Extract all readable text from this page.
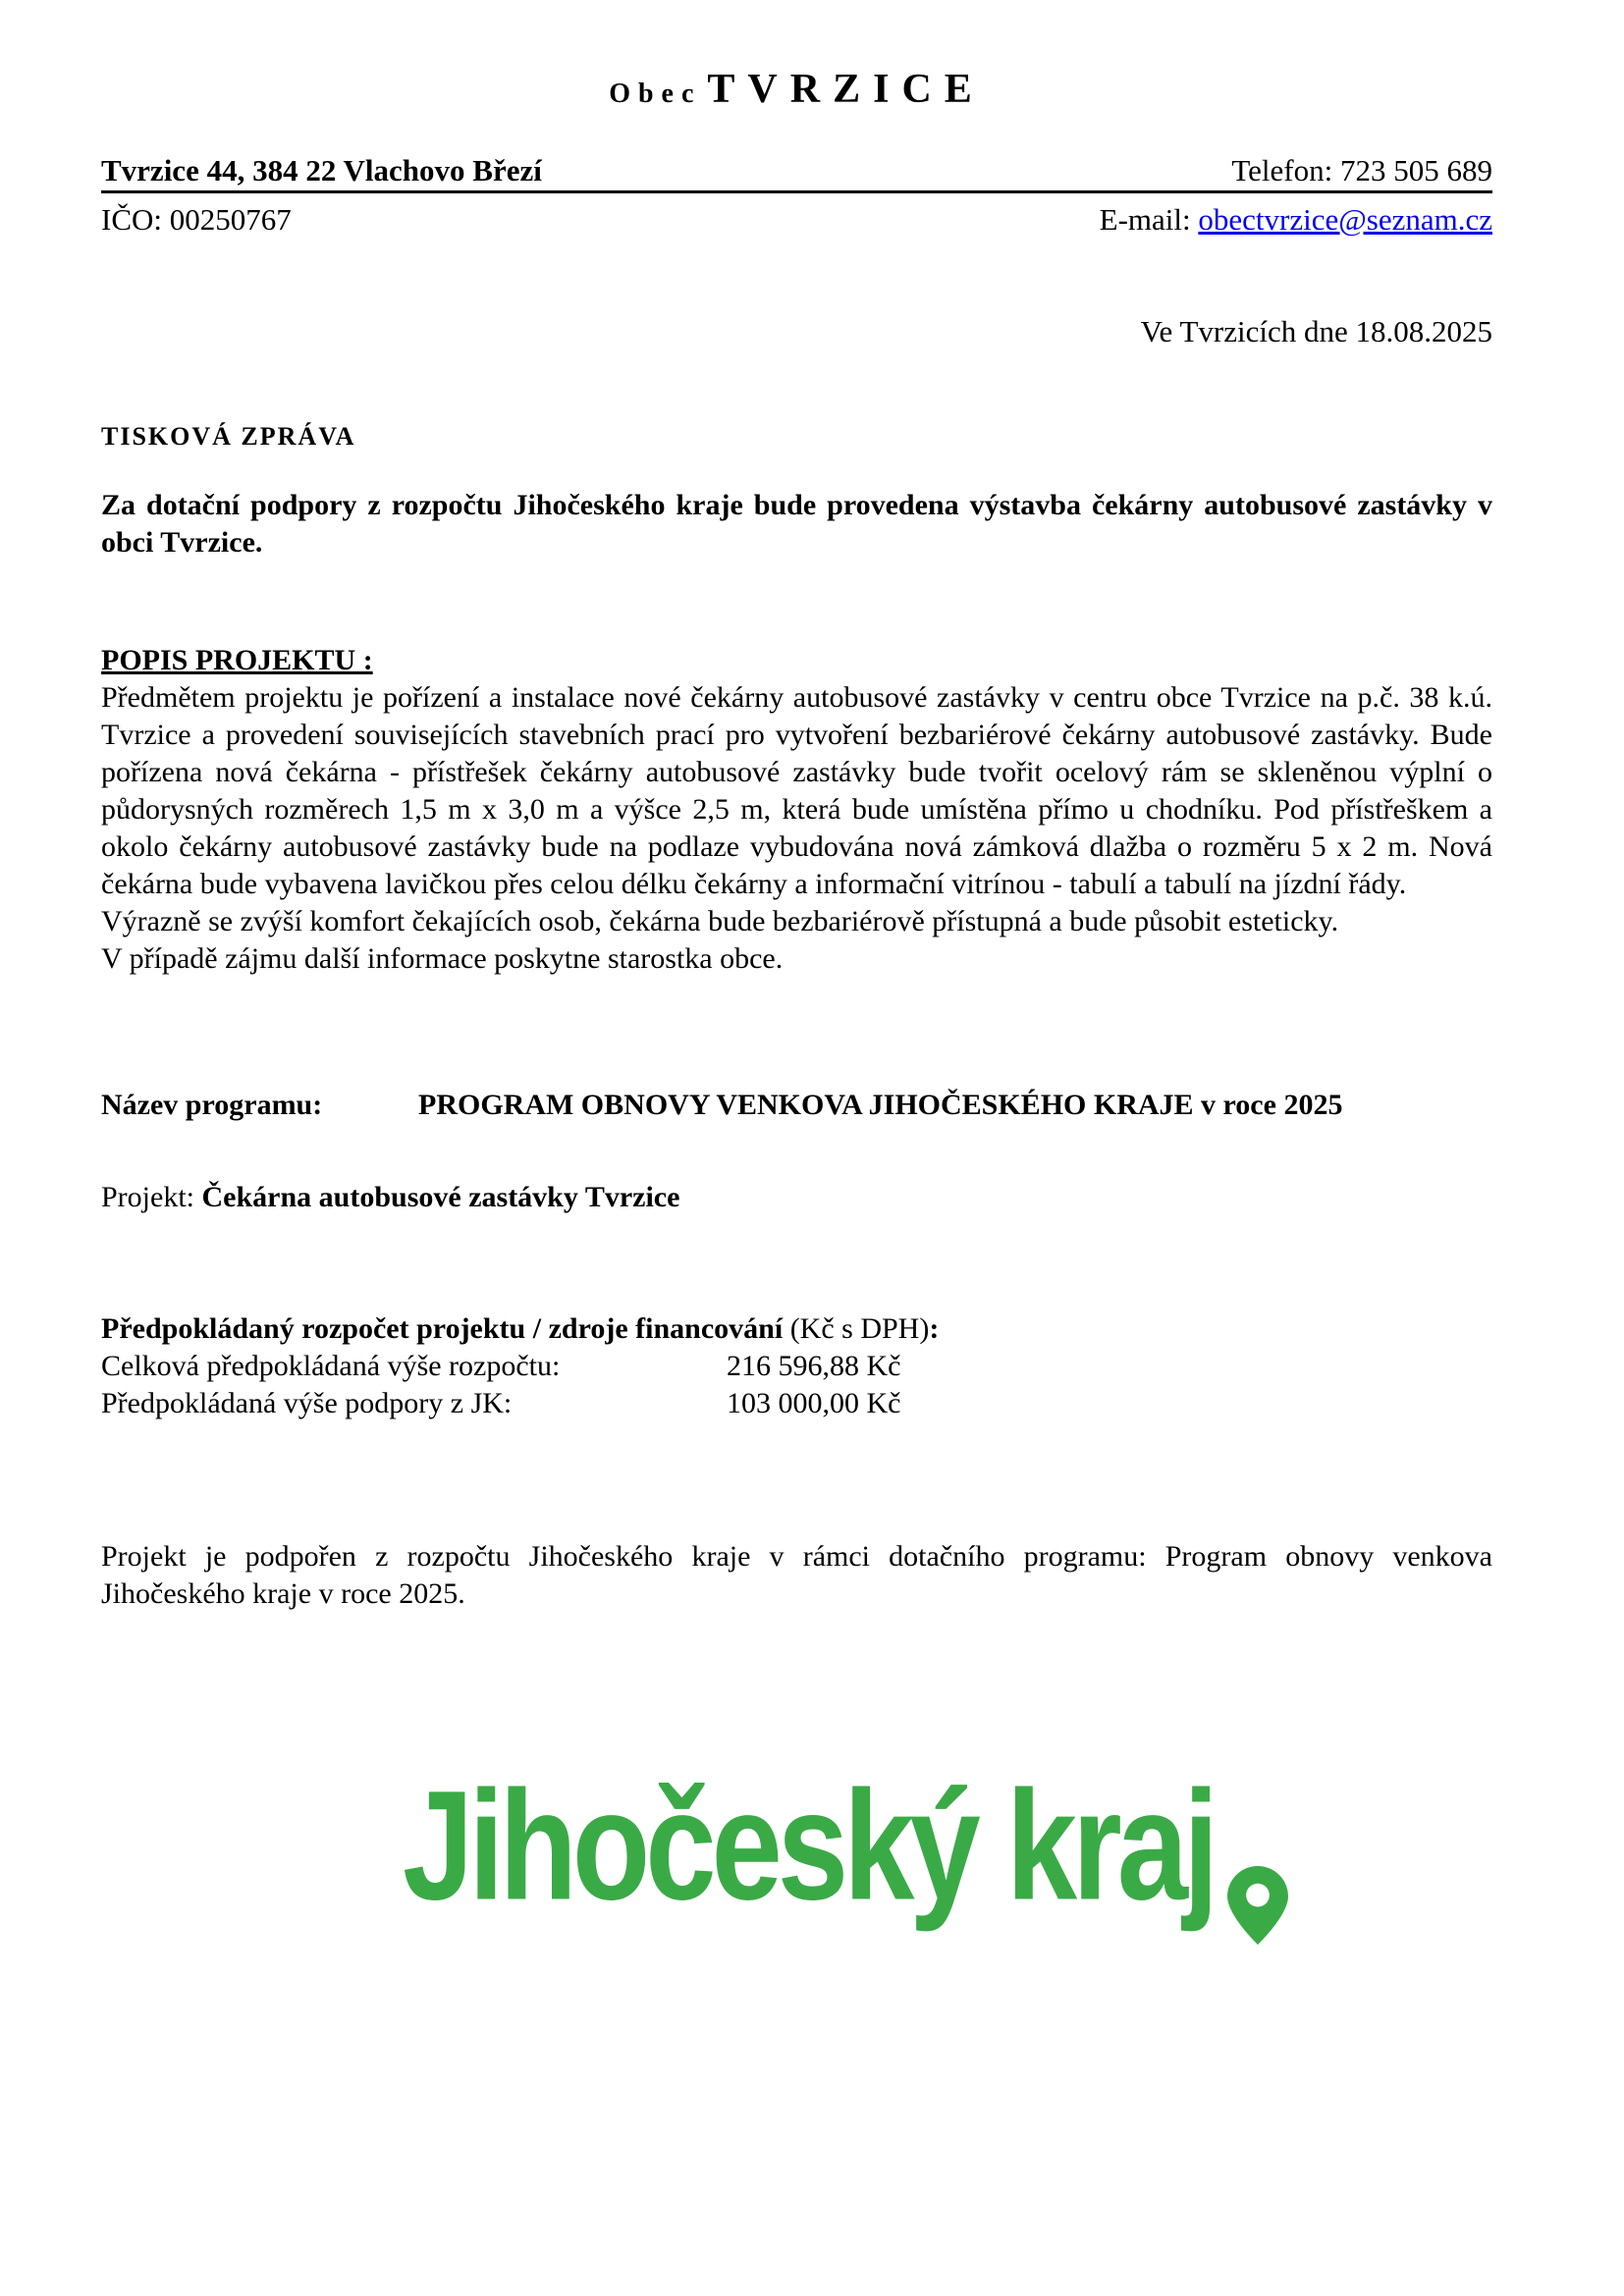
Obec TVRZICE
Tvrzice 44, 384 22 Vlachovo Březí	Telefon: 723 505 689
IČO: 00250767	E-mail: obectvrzice@seznam.cz
Ve Tvrzicích dne 18.08.2025
TISKOVÁ ZPRÁVA
Za dotační podpory z rozpočtu Jihočeského kraje bude provedena výstavba čekárny autobusové zastávky v obci Tvrzice.
POPIS PROJEKTU :

Předmětem projektu je pořízení a instalace nové čekárny autobusové zastávky v centru obce Tvrzice na p.č. 38 k.ú. Tvrzice a provedení souvisejících stavebních prací pro vytvoření bezbariérové čekárny autobusové zastávky. Bude pořízena nová čekárna - přístřešek čekárny autobusové zastávky bude tvořit ocelový rám se skleněnou výplní o půdorysných rozměrech 1,5 m x 3,0 m a výšce 2,5 m, která bude umístěna přímo u chodníku. Pod přístřeškem a okolo čekárny autobusové zastávky bude na podlaze vybudována nová zámková dlažba o rozměru 5 x 2 m. Nová čekárna bude vybavena lavičkou přes celou délku čekárny a informační vitrínou - tabulí a tabulí na jízdní řády.

Výrazně se zvýší komfort čekajících osob, čekárna bude bezbariérově přístupná a bude působit esteticky.

V případě zájmu další informace poskytne starostka obce.

Název programu:	PROGRAM OBNOVY VENKOVA JIHOČESKÉHO KRAJE v roce 2025
Projekt: Čekárna autobusové zastávky Tvrzice
Předpokládaný rozpočet projektu / zdroje financování (Kč s DPH):
Celková předpokládaná výše rozpočtu:	216 596,88 Kč
Předpokládaná výše podpory z JK:	103 000,00 Kč
Projekt je podpořen z rozpočtu Jihočeského kraje v rámci dotačního programu: Program obnovy venkova Jihočeského kraje v roce 2025.
Jihočeský kraj
